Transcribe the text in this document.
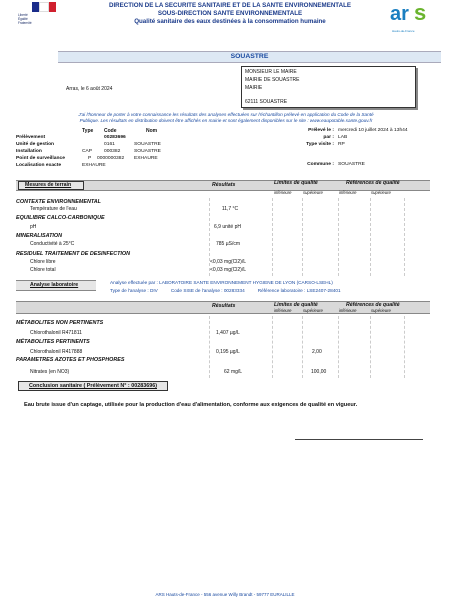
Liberté
Égalité
Fraternité
DIRECTION DE LA SECURITE SANITAIRE ET DE LA SANTE ENVIRONNEMENTALE
SOUS-DIRECTION SANTE ENVIRONNEMENTALE
Qualité sanitaire des eaux destinées à la consommation humaine	ar s
Hauts-de-France
SOUASTRE
Arras, le 6 août 2024
MONSIEUR LE MAIRE
MAIRIE DE SOUASTRE
MAIRIE
62111 SOUASTRE
J'ai l'honneur de porter à votre connaissance les résultats des analyses effectuées sur l'échantillon prélevé en application du Code de la Santé
Publique. Les résultats en distribution doivent être affichés en mairie et sont également disponibles sur le site : www.eaupotable.sante.gouv.fr
Type Code	Nom
Prélèvement	00283696
Unité de gestion	0161	SOUASTRE
Installation	CAP 000382	SOUASTRE
Point de surveillance	P 0000000382 EXHAURE
Localisation exacte	EXHAURE
Prélevé le : mercredi 10 juillet 2024 à 13h44
par : LAB
Type visite : RP
Commune : SOUASTRE
Mesures de terrain	Résultats	Limites de qualité	Références de qualité
inférieure	supérieure	inférieure	supérieure
CONTEXTE ENVIRONNEMENTAL
Température de l'eau	11,7 °C
EQUILIBRE CALCO-CARBONIQUE
pH	6,9 unité pH
MINERALISATION
Conductivité à 25°C	785 µS/cm
RESIDUEL TRAITEMENT DE DESINFECTION
Chlore libre	<0,03 mg(Cl2)/L
Chlore total	<0,03 mg(Cl2)/L
Analyse laboratoire	Analyse effectuée par : LABORATOIRE SANTE ENVIRONNEMENT HYGIENE DE LYON (CARSO-LSEHL)
Type de l'analyse : DIV          Code SISE de l'analyse : 00283334          Référence laboratoire : LSE2407-28401
Résultats	Limites de qualité	Références de qualité
inférieure	supérieure	inférieure	supérieure
MÉTABOLITES NON PERTINENTS
Chlorothalonil R471811	1,407 µg/L
MÉTABOLITES PERTINENTS
Chlorothalonil R417888	0,195 µg/L	2,00
PARAMETRES AZOTES ET PHOSPHORES
Nitrates (en NO3)	62 mg/L	100,00
Conclusion sanitaire ( Prélèvement N° : 00283696)
Eau brute issue d'un captage, utilisée pour la production d'eau d'alimentation, conforme aux exigences de qualité en vigueur.
ARS Hauts-de-France - 556 avenue Willy Brandt - 59777 EURALILLE
